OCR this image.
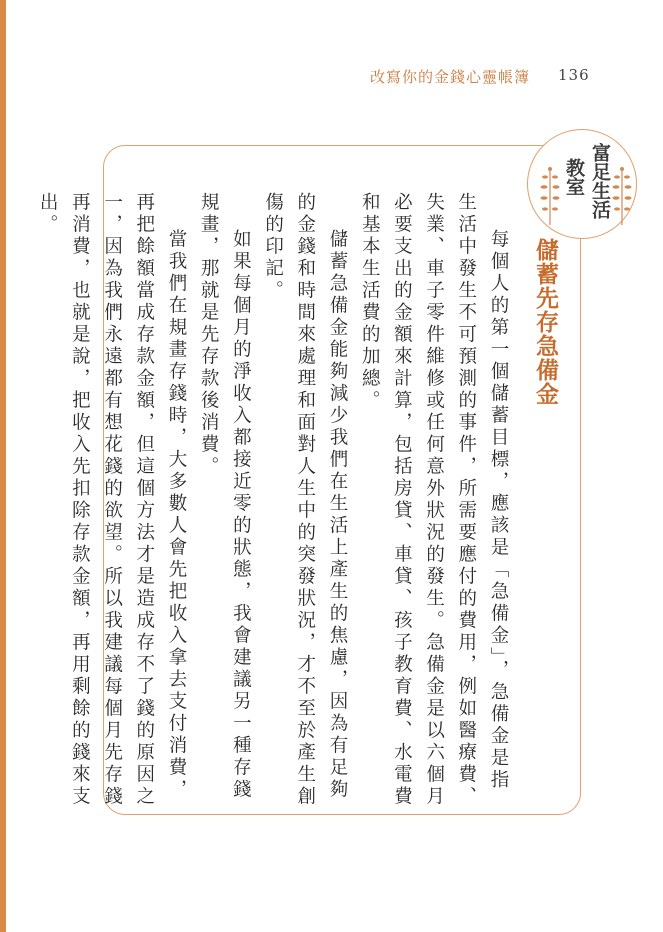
改寫你的金錢心靈帳簿 136
富足生活
教室
儲蓄先存急備金

每個人的第一個儲蓄目標，應該是「急備金」，急備金是指生活中發生不可預測的事件，所需要應付的費用，例如醫療費、失業、車子零件維修或任何意外狀況的發生。急備金是以六個月必要支出的金額來計算，包括房貸、車貸、孩子教育費、水電費和基本生活費的加總。

儲蓄急備金能夠減少我們在生活上產生的焦慮，因為有足夠的金錢和時間來處理和面對人生中的突發狀況，才不至於產生創傷的印記。

如果每個月的淨收入都接近零的狀態，我會建議另一種存錢規畫，那就是先存款後消費。

當我們在規畫存錢時，大多數人會先把收入拿去支付消費，再把餘額當成存款金額，但這個方法才是造成存不了錢的原因之一，因為我們永遠都有想花錢的欲望。所以我建議每個月先存錢再消費，也就是說，把收入先扣除存款金額，再用剩餘的錢來支出。
